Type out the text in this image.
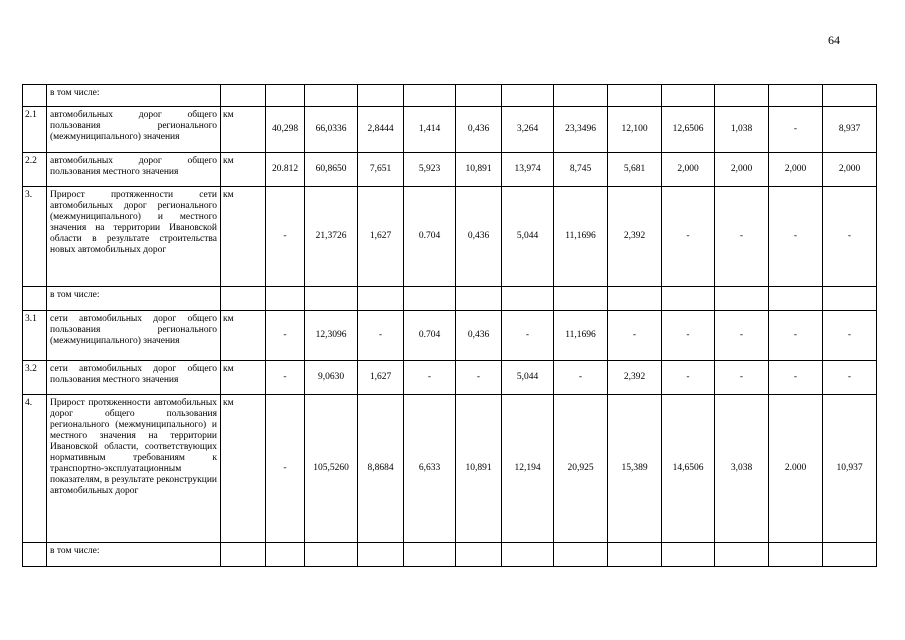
64
	в том числе:													
2.1	автомобильных дорог общего пользования регионального (межмуниципального) значения	км	40,298	66,0336	2,8444	1,414	0,436	3,264	23,3496	12,100	12,6506	1,038	-	8,937
2.2	автомобильных дорог общего пользования местного значения	км	20.812	60,8650	7,651	5,923	10,891	13,974	8,745	5,681	2,000	2,000	2,000	2,000
3.	Прирост протяженности сети автомобильных дорог регионального (межмуниципального) и местного значения на территории Ивановской области в результате строительства новых автомобильных дорог	км	-	21,3726	1,627	0.704	0,436	5,044	11,1696	2,392	-	-	-	-
	в том числе:													
3.1	сети автомобильных дорог общего пользования регионального (межмуниципального) значения	км	-	12,3096	-	0.704	0,436	-	11,1696	-	-	-	-	-
3.2	сети автомобильных дорог общего пользования местного значения	км	-	9,0630	1,627	-	-	5,044	-	2,392	-	-	-	-
4.	Прирост протяженности автомобильных дорог общего пользования регионального (межмуниципального) и местного значения на территории Ивановской области, соответствующих нормативным требованиям к транспортно-эксплуатационным показателям, в результате реконструкции автомобильных дорог	км	-	105,5260	8,8684	6,633	10,891	12,194	20,925	15,389	14,6506	3,038	2.000	10,937
	в том числе:													
